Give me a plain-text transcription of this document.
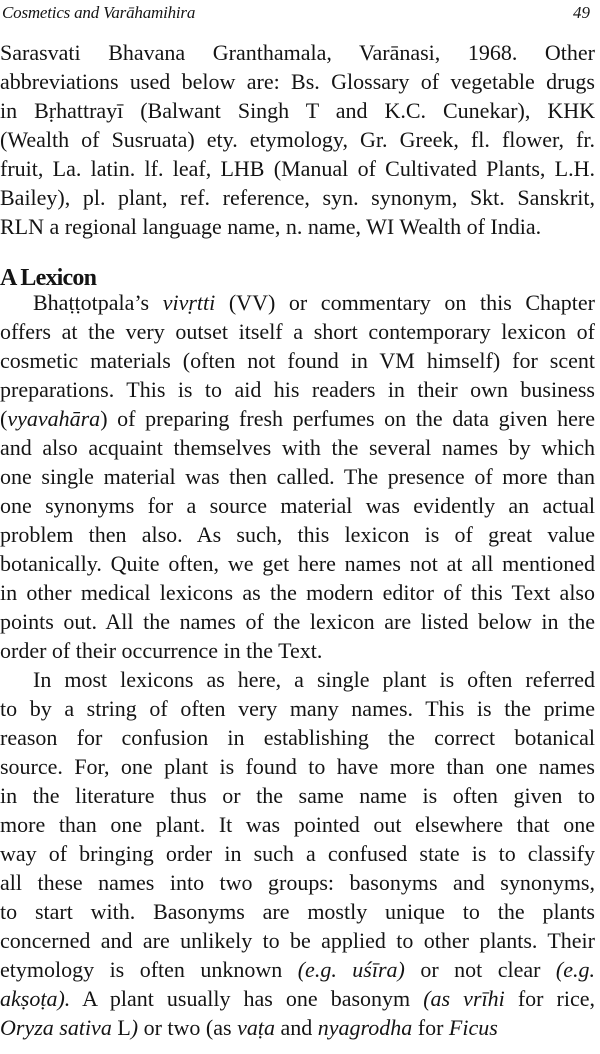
Cosmetics and Varāhamihira	49
Sarasvati Bhavana Granthamala, Varānasi, 1968. Other
abbreviations used below are: Bs. Glossary of vegetable drugs
in Bṛhattrayī (Balwant Singh T and K.C. Cunekar), KHK
(Wealth of Susruata) ety. etymology, Gr. Greek, fl. flower, fr.
fruit, La. latin. lf. leaf, LHB (Manual of Cultivated Plants, L.H.
Bailey), pl. plant, ref. reference, syn. synonym, Skt. Sanskrit,
RLN a regional language name, n. name, WI Wealth of India.
A Lexicon
Bhaṭṭotpala’s vivṛtti (VV) or commentary on this Chapter
offers at the very outset itself a short contemporary lexicon of
cosmetic materials (often not found in VM himself) for scent
preparations. This is to aid his readers in their own business
(vyavahāra) of preparing fresh perfumes on the data given here
and also acquaint themselves with the several names by which
one single material was then called. The presence of more than
one synonyms for a source material was evidently an actual
problem then also. As such, this lexicon is of great value
botanically. Quite often, we get here names not at all mentioned
in other medical lexicons as the modern editor of this Text also
points out. All the names of the lexicon are listed below in the
order of their occurrence in the Text.
In most lexicons as here, a single plant is often referred
to by a string of often very many names. This is the prime
reason for confusion in establishing the correct botanical
source. For, one plant is found to have more than one names
in the literature thus or the same name is often given to
more than one plant. It was pointed out elsewhere that one
way of bringing order in such a confused state is to classify
all these names into two groups: basonyms and synonyms,
to start with. Basonyms are mostly unique to the plants
concerned and are unlikely to be applied to other plants. Their
etymology is often unknown (e.g. uśīra) or not clear (e.g.
akṣoṭa). A plant usually has one basonym (as vrīhi for rice,
Oryza sativa L) or two (as vaṭa and nyagrodha for Ficus
